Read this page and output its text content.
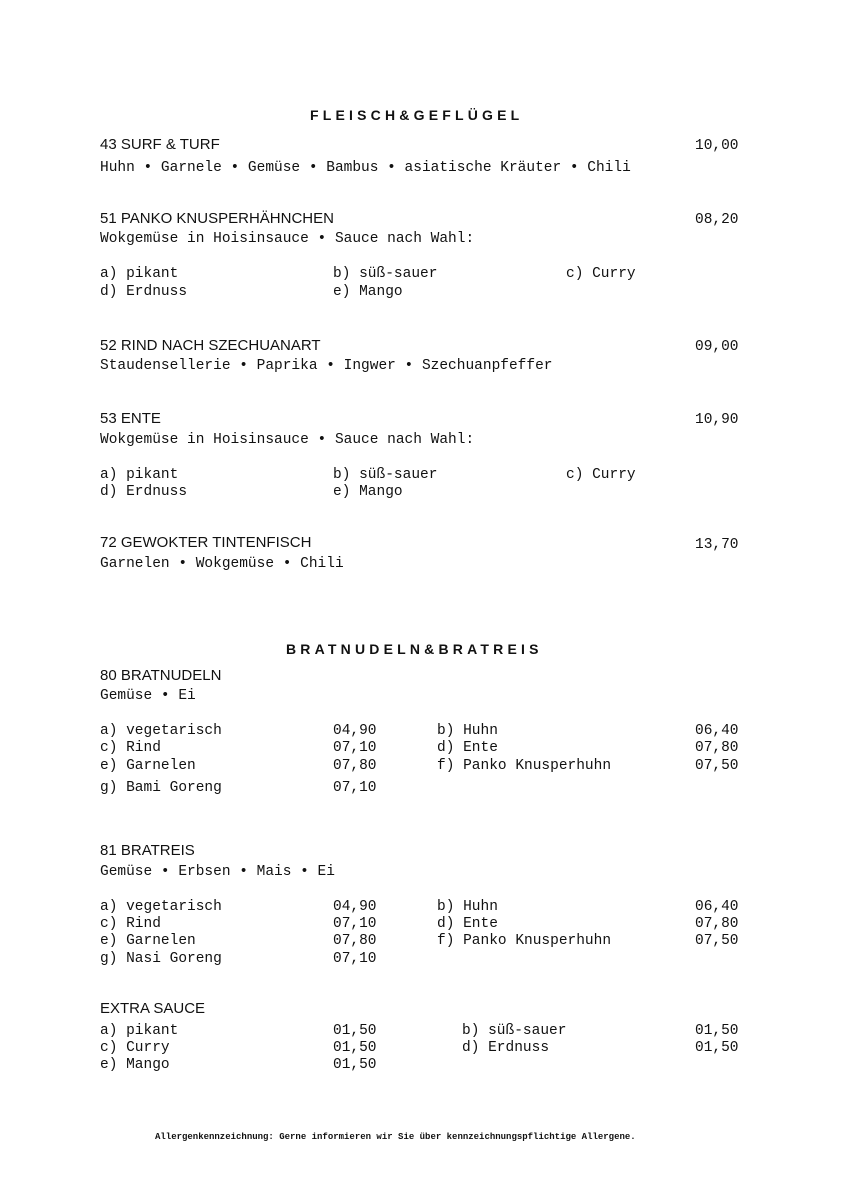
FLEISCH&GEFLÜGEL
43 SURF & TURF	10,00
Huhn • Garnele • Gemüse • Bambus • asiatische Kräuter • Chili
51 PANKO KNUSPERHÄHNCHEN	08,20
Wokgemüse in Hoisinsauce • Sauce nach Wahl:
a) pikant	b) süß-sauer	c) Curry
d) Erdnuss	e) Mango
52 RIND NACH SZECHUANART	09,00
Staudensellerie • Paprika • Ingwer • Szechuanpfeffer
53 ENTE	10,90
Wokgemüse in Hoisinsauce • Sauce nach Wahl:
a) pikant	b) süß-sauer	c) Curry
d) Erdnuss	e) Mango
72 GEWOKTER TINTENFISCH	13,70
Garnelen • Wokgemüse • Chili
BRATNUDELN&BRATREIS
80 BRATNUDELN
Gemüse • Ei
a) vegetarisch	04,90	b) Huhn	06,40
c) Rind	07,10	d) Ente	07,80
e) Garnelen	07,80	f) Panko Knusperhuhn	07,50
g) Bami Goreng	07,10
81 BRATREIS
Gemüse • Erbsen • Mais • Ei
a) vegetarisch	04,90	b) Huhn	06,40
c) Rind	07,10	d) Ente	07,80
e) Garnelen	07,80	f) Panko Knusperhuhn	07,50
g) Nasi Goreng	07,10
EXTRA SAUCE
a) pikant	01,50	b) süß-sauer	01,50
c) Curry	01,50	d) Erdnuss	01,50
e) Mango	01,50
Allergenkennzeichnung: Gerne informieren wir Sie über kennzeichnungspflichtige Allergene.
